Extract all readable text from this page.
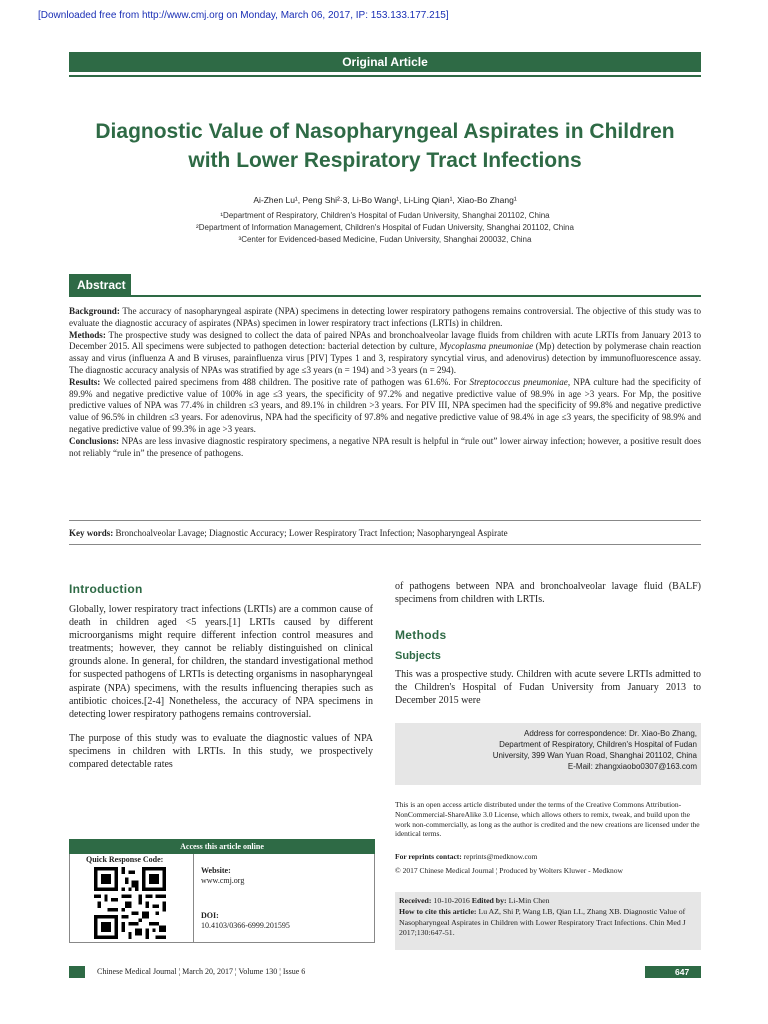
[Downloaded free from http://www.cmj.org on Monday, March 06, 2017, IP: 153.133.177.215]
Original Article
Diagnostic Value of Nasopharyngeal Aspirates in Children
with Lower Respiratory Tract Infections
Ai-Zhen Lu¹, Peng Shi²·3, Li-Bo Wang¹, Li-Ling Qian¹, Xiao-Bo Zhang¹
¹Department of Respiratory, Children's Hospital of Fudan University, Shanghai 201102, China
²Department of Information Management, Children's Hospital of Fudan University, Shanghai 201102, China
³Center for Evidenced-based Medicine, Fudan University, Shanghai 200032, China
Abstract

Background: The accuracy of nasopharyngeal aspirate (NPA) specimens in detecting lower respiratory pathogens remains controversial. The objective of this study was to evaluate the diagnostic accuracy of aspirates (NPAs) specimen in lower respiratory tract infections (LRTIs) in children.

Methods: The prospective study was designed to collect the data of paired NPAs and bronchoalveolar lavage fluids from children with acute LRTIs from January 2013 to December 2015. All specimens were subjected to pathogen detection: bacterial detection by culture, Mycoplasma pneumoniae (Mp) detection by polymerase chain reaction assay and virus (influenza A and B viruses, parainfluenza virus [PIV] Types 1 and 3, respiratory syncytial virus, and adenovirus) detection by immunofluorescence assay. The diagnostic accuracy analysis of NPAs was stratified by age ≤3 years (n = 194) and >3 years (n = 294).

Results: We collected paired specimens from 488 children. The positive rate of pathogen was 61.6%. For Streptococcus pneumoniae, NPA culture had the specificity of 89.9% and negative predictive value of 100% in age ≤3 years, the specificity of 97.2% and negative predictive value of 98.9% in age >3 years. For Mp, the positive predictive values of NPA was 77.4% in children ≤3 years, and 89.1% in children >3 years. For PIV III, NPA specimen had the specificity of 99.8% and negative predictive value of 96.5% in children ≤3 years. For adenovirus, NPA had the specificity of 97.8% and negative predictive value of 98.4% in age ≤3 years, the specificity of 98.9% and negative predictive value of 99.3% in age >3 years.

Conclusions: NPAs are less invasive diagnostic respiratory specimens, a negative NPA result is helpful in “rule out” lower airway infection; however, a positive result does not reliably “rule in” the presence of pathogens.

Key words: Bronchoalveolar Lavage; Diagnostic Accuracy; Lower Respiratory Tract Infection; Nasopharyngeal Aspirate
Introduction

Globally, lower respiratory tract infections (LRTIs) are a common cause of death in children aged <5 years.[1] LRTIs caused by different microorganisms might require different infection control measures and treatments; however, they cannot be reliably distinguished on clinical grounds alone. In general, for children, the standard investigational method for suspected pathogens of LRTIs is detecting organisms in nasopharyngeal aspirate (NPA) specimens, with the results influencing therapies such as antibiotic choices.[2-4] Nonetheless, the accuracy of NPA specimens in detecting lower respiratory pathogens remains controversial.

The purpose of this study was to evaluate the diagnostic values of NPA specimens in children with LRTIs. In this study, we prospectively compared detectable rates

of pathogens between NPA and bronchoalveolar lavage fluid (BALF) specimens from children with LRTIs.
Methods
Subjects
This was a prospective study. Children with acute severe LRTIs admitted to the Children's Hospital of Fudan University from January 2013 to December 2015 were
Address for correspondence: Dr. Xiao-Bo Zhang,
Department of Respiratory, Children's Hospital of Fudan
University, 399 Wan Yuan Road, Shanghai 201102, China
E-Mail: zhangxiaobo0307@163.com
This is an open access article distributed under the terms of the Creative Commons Attribution-NonCommercial-ShareAlike 3.0 License, which allows others to remix, tweak, and build upon the work non-commercially, as long as the author is credited and the new creations are licensed under the identical terms.
For reprints contact: reprints@medknow.com
© 2017 Chinese Medical Journal ¦ Produced by Wolters Kluwer - Medknow
Received: 10-10-2016 Edited by: Li-Min Chen
How to cite this article: Lu AZ, Shi P, Wang LB, Qian LL, Zhang XB. Diagnostic Value of Nasopharyngeal Aspirates in Children with Lower Respiratory Tract Infections. Chin Med J 2017;130:647-51.
Access this article online
Quick Response Code:
Website:
www.cmj.org
DOI:
10.4103/0366-6999.201595
Chinese Medical Journal ¦ March 20, 2017 ¦ Volume 130 ¦ Issue 6	647
